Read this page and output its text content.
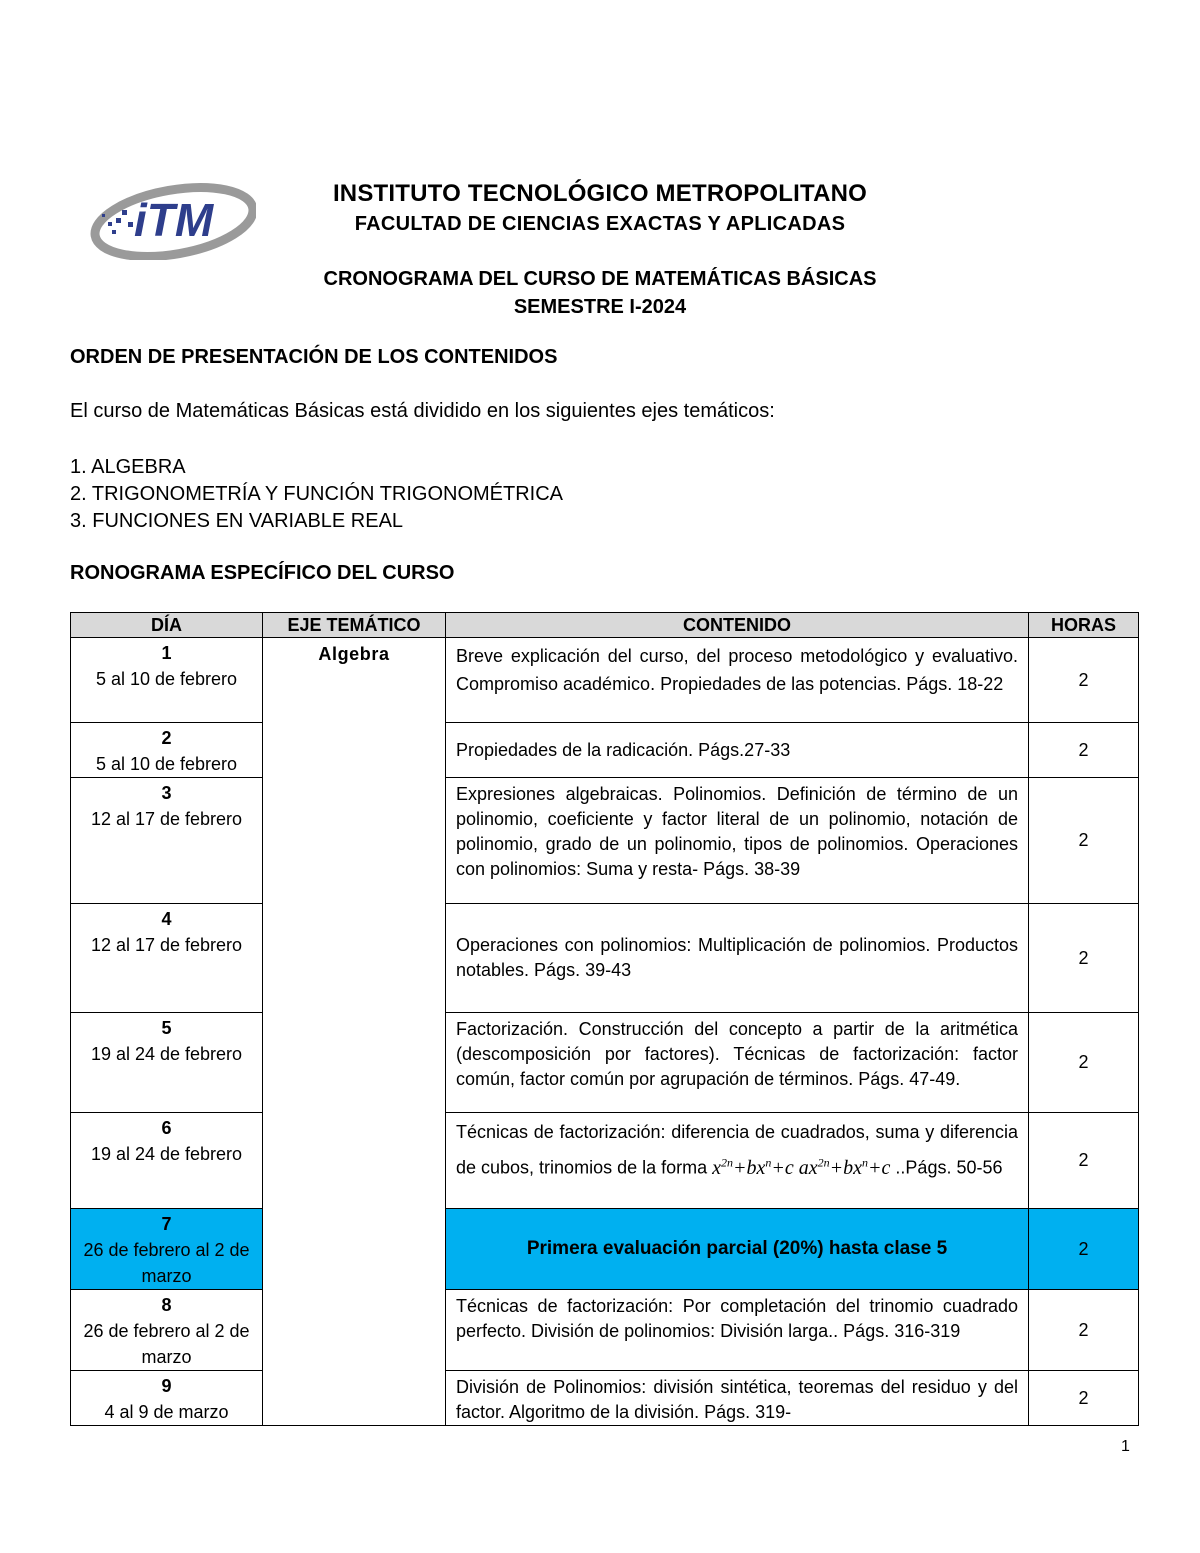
iTM
INSTITUTO TECNOLÓGICO METROPOLITANO
FACULTAD DE CIENCIAS EXACTAS Y APLICADAS
CRONOGRAMA DEL CURSO DE MATEMÁTICAS BÁSICAS
SEMESTRE I-2024
ORDEN DE PRESENTACIÓN DE LOS CONTENIDOS
El curso de Matemáticas Básicas está dividido en los siguientes ejes temáticos:
1. ALGEBRA
2. TRIGONOMETRÍA Y FUNCIÓN TRIGONOMÉTRICA
3. FUNCIONES EN VARIABLE REAL
RONOGRAMA ESPECÍFICO DEL CURSO
DÍA	EJE TEMÁTICO	CONTENIDO	HORAS

1
5 al 10 de febrero	Algebra	Breve explicación del curso, del proceso metodológico y evaluativo. Compromiso académico. Propiedades de las potencias. Págs. 18-22	2

2
5 al 10 de febrero		Propiedades de la radicación. Págs.27-33	2

3
12 al 17 de febrero		Expresiones algebraicas. Polinomios. Definición de término de un polinomio, coeficiente y factor literal de un polinomio, notación de polinomio, grado de un polinomio, tipos de polinomios. Operaciones con polinomios: Suma y resta- Págs. 38-39	2

4
12 al 17 de febrero		Operaciones con polinomios: Multiplicación de polinomios. Productos notables. Págs. 39-43	2

5
19 al 24 de febrero		Factorización. Construcción del concepto a partir de la aritmética (descomposición por factores). Técnicas de factorización: factor común, factor común por agrupación de términos. Págs. 47-49.	2

6
19 al 24 de febrero		Técnicas de factorización: diferencia de cuadrados, suma y diferencia de cubos, trinomios de la forma $x^{2n}+bx^n+c$ $ax^{2n}+bx^n+c$ ..Págs. 50-56	2

7
26 de febrero al 2 de marzo		Primera evaluación parcial (20%) hasta clase 5	2

8
26 de febrero al 2 de marzo		Técnicas de factorización: Por completación del trinomio cuadrado perfecto. División de polinomios: División larga.. Págs. 316-319	2

9
4 al 9 de marzo		División de Polinomios: división sintética, teoremas del residuo y del factor. Algoritmo de la división. Págs. 319-	2
1
